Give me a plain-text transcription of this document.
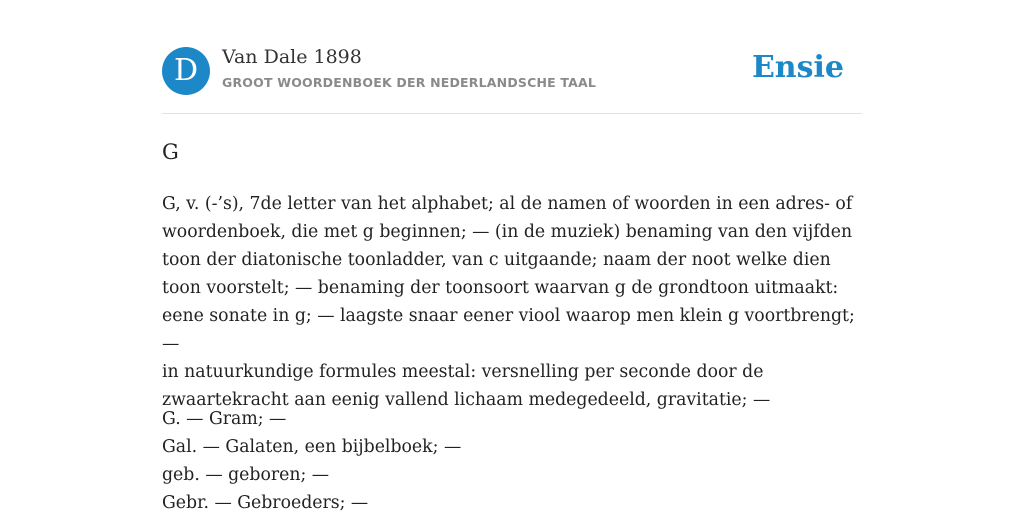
D	Van Dale 1898
GROOT WOORDENBOEK DER NEDERLANDSCHE TAAL	Ensie
G

G, v. (-’s), 7de letter van het alphabet; al de namen of woorden in een adres- of
woordenboek, die met g beginnen; — (in de muziek) benaming van den vijfden
toon der diatonische toonladder, van c uitgaande; naam der noot welke dien
toon voorstelt; — benaming der toonsoort waarvan g de grondtoon uitmaakt:
eene sonate in g; — laagste snaar eener viool waarop men klein g voortbrengt; —
in natuurkundige formules meestal: versnelling per seconde door de
zwaartekracht aan eenig vallend lichaam medegedeeld, gravitatie; —

G. — Gram; —
Gal. — Galaten, een bijbelboek; —
geb. — geboren; —
Gebr. — Gebroeders; —
